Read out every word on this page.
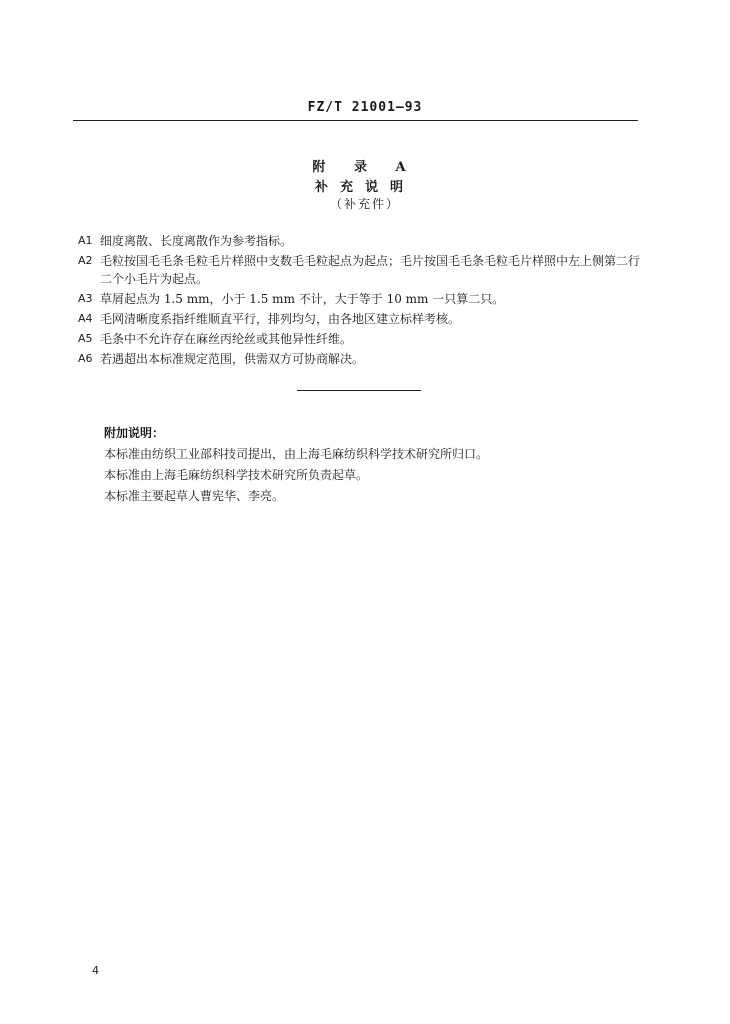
FZ/T 21001—93
附 录 A
补充说明
（补充件）
A1 细度离散、长度离散作为参考指标。
A2 毛粒按国毛毛条毛粒毛片样照中支数毛毛粒起点为起点；毛片按国毛毛条毛粒毛片样照中左上侧第二行二个小毛片为起点。
A3 草屑起点为 1.5 mm，小于 1.5 mm 不计，大于等于 10 mm 一只算二只。
A4 毛网清晰度系指纤维顺直平行，排列均匀，由各地区建立标样考核。
A5 毛条中不允许存在麻丝丙纶丝或其他异性纤维。
A6 若遇超出本标准规定范围，供需双方可协商解决。
附加说明：
本标准由纺织工业部科技司提出，由上海毛麻纺织科学技术研究所归口。
本标准由上海毛麻纺织科学技术研究所负责起草。
本标准主要起草人曹宪华、李亮。
4
